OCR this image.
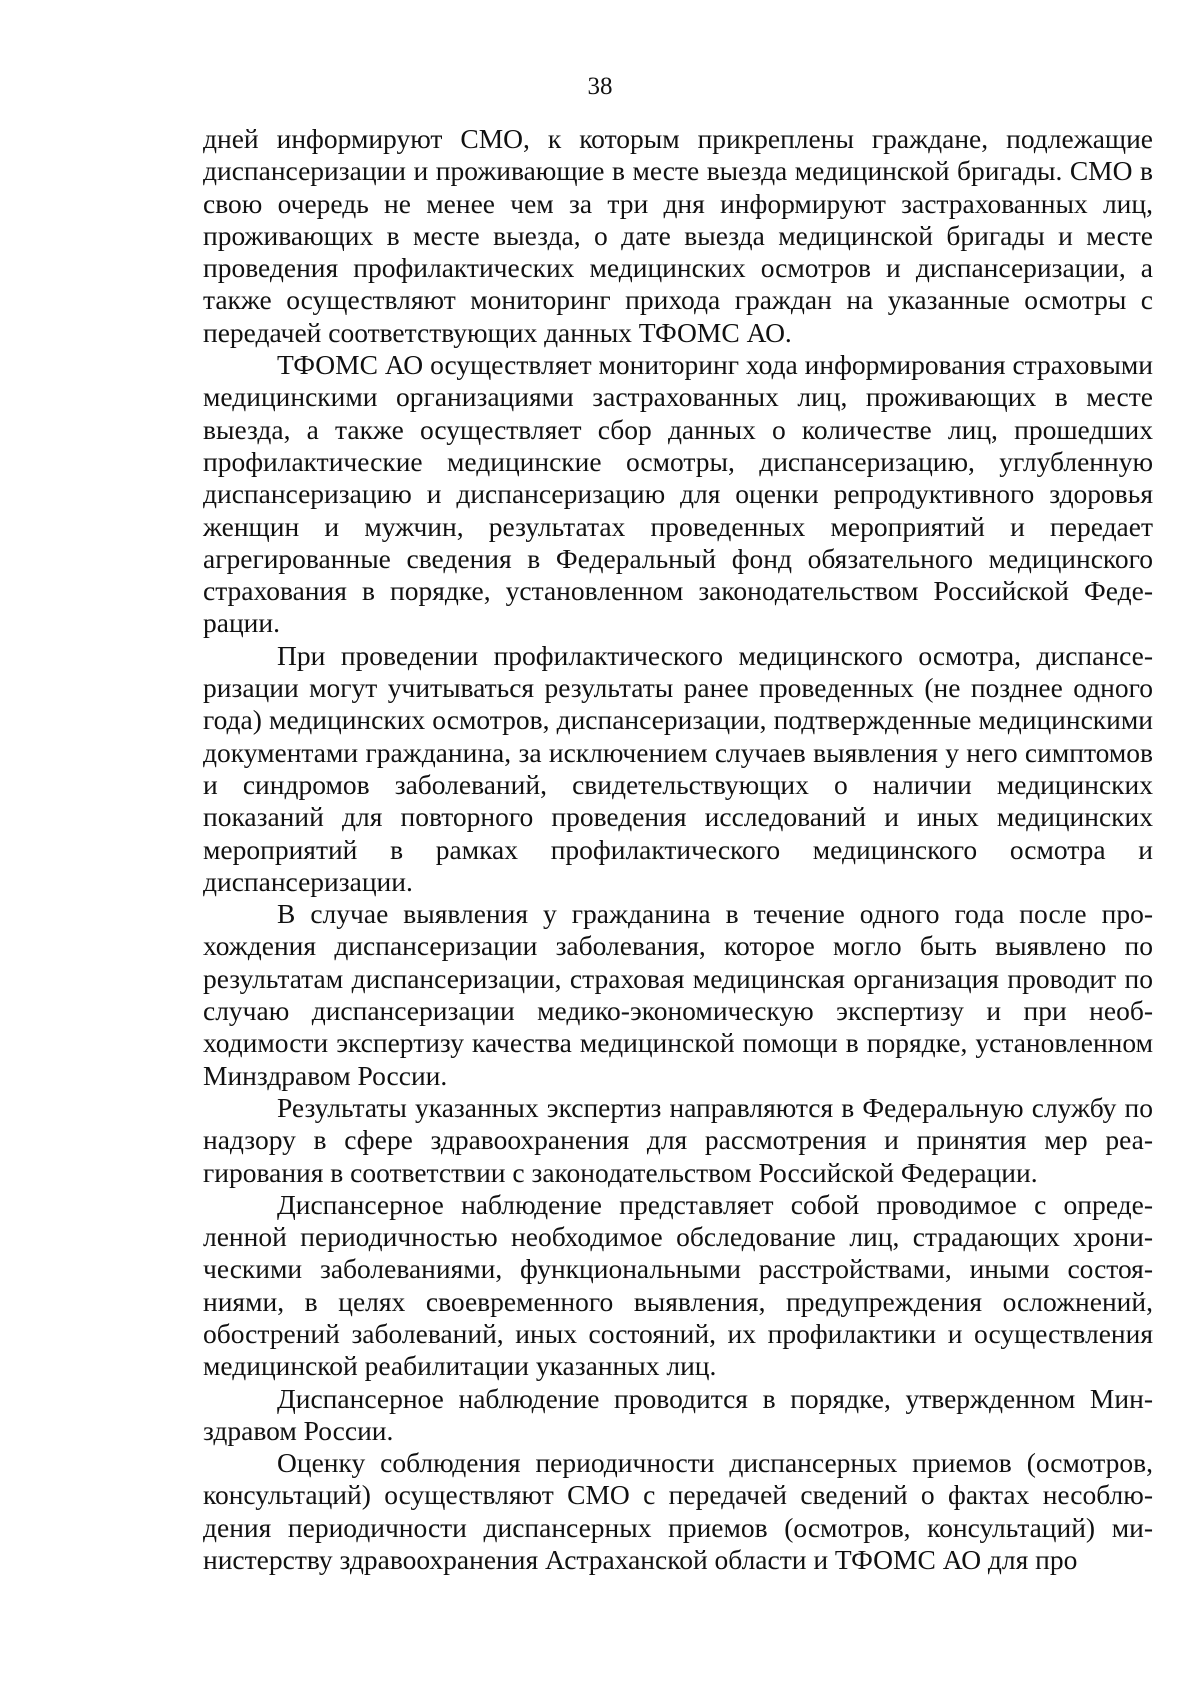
38

дней информируют СМО, к которым прикреплены граждане, подлежащие диспансеризации и проживающие в месте выезда медицинской бригады. СМО в свою очередь не менее чем за три дня информируют застрахованных лиц, проживающих в месте выезда, о дате выезда медицинской бригады и месте проведения профилактических медицинских осмотров и диспансеризации, а также осуществляют мониторинг прихода граждан на указанные осмотры с передачей соответствующих данных ТФОМС АО.

ТФОМС АО осуществляет мониторинг хода информирования страховыми медицинскими организациями застрахованных лиц, проживающих в месте выезда, а также осуществляет сбор данных о количестве лиц, прошедших профилактические медицинские осмотры, диспансеризацию, углубленную диспансеризацию и диспансеризацию для оценки репродуктивного здоровья женщин и мужчин, результатах проведенных мероприятий и передает агрегированные сведения в Федеральный фонд обязательного медицинского страхования в порядке, установленном законодательством Российской Федерации.

При проведении профилактического медицинского осмотра, диспансеризации могут учитываться результаты ранее проведенных (не позднее одного года) медицинских осмотров, диспансеризации, подтвержденные медицинскими документами гражданина, за исключением случаев выявления у него симптомов и синдромов заболеваний, свидетельствующих о наличии медицинских показаний для повторного проведения исследований и иных медицинских мероприятий в рамках профилактического медицинского осмотра и диспансеризации.

В случае выявления у гражданина в течение одного года после прохождения диспансеризации заболевания, которое могло быть выявлено по результатам диспансеризации, страховая медицинская организация проводит по случаю диспансеризации медико-экономическую экспертизу и при необходимости экспертизу качества медицинской помощи в порядке, установленном Минздравом России.

Результаты указанных экспертиз направляются в Федеральную службу по надзору в сфере здравоохранения для рассмотрения и принятия мер реагирования в соответствии с законодательством Российской Федерации.

Диспансерное наблюдение представляет собой проводимое с определенной периодичностью необходимое обследование лиц, страдающих хроническими заболеваниями, функциональными расстройствами, иными состояниями, в целях своевременного выявления, предупреждения осложнений, обострений заболеваний, иных состояний, их профилактики и осуществления медицинской реабилитации указанных лиц.

Диспансерное наблюдение проводится в порядке, утвержденном Минздравом России.

Оценку соблюдения периодичности диспансерных приемов (осмотров, консультаций) осуществляют СМО с передачей сведений о фактах несоблюдения периодичности диспансерных приемов (осмотров, консультаций) министерству здравоохранения Астраханской области и ТФОМС АО для про
